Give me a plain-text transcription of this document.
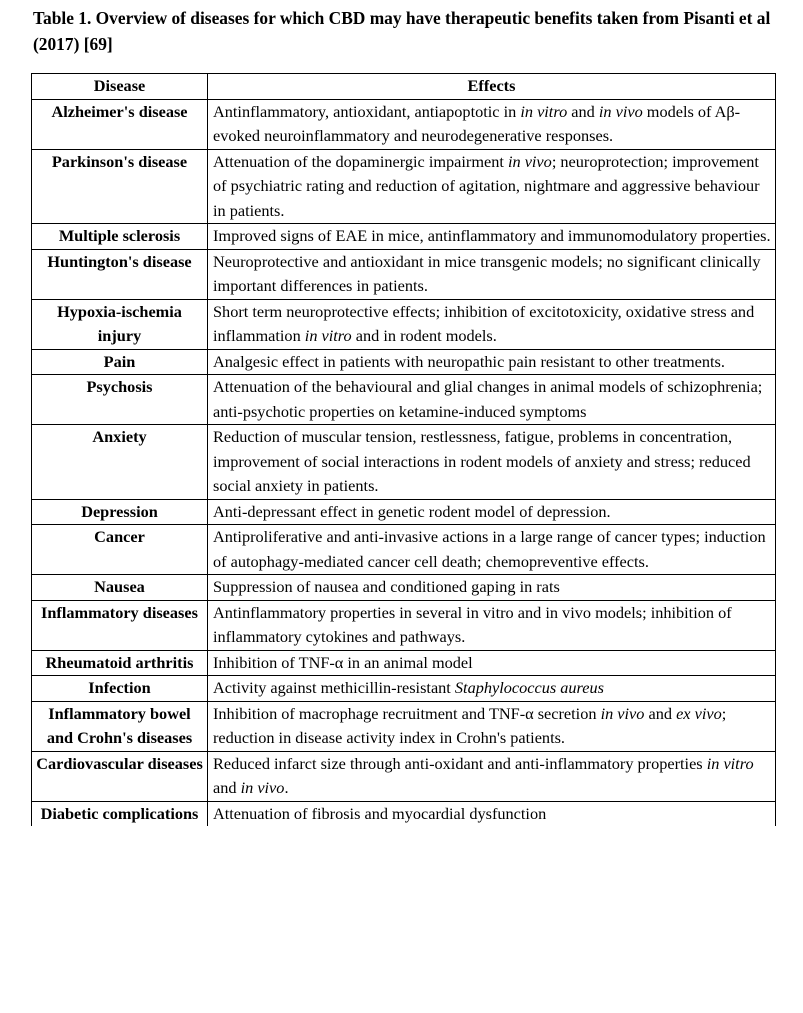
Table 1. Overview of diseases for which CBD may have therapeutic benefits taken from Pisanti et al (2017) [69]
Disease	Effects
Alzheimer's disease	Antinflammatory, antioxidant, antiapoptotic in in vitro and in vivo models of Aβ-evoked neuroinflammatory and neurodegenerative responses.
Parkinson's disease	Attenuation of the dopaminergic impairment in vivo; neuroprotection; improvement of psychiatric rating and reduction of agitation, nightmare and aggressive behaviour in patients.
Multiple sclerosis	Improved signs of EAE in mice, antinflammatory and immunomodulatory properties.
Huntington's disease	Neuroprotective and antioxidant in mice transgenic models; no significant clinically important differences in patients.
Hypoxia-ischemia injury	Short term neuroprotective effects; inhibition of excitotoxicity, oxidative stress and inflammation in vitro and in rodent models.
Pain	Analgesic effect in patients with neuropathic pain resistant to other treatments.
Psychosis	Attenuation of the behavioural and glial changes in animal models of schizophrenia; anti-psychotic properties on ketamine-induced symptoms
Anxiety	Reduction of muscular tension, restlessness, fatigue, problems in concentration, improvement of social interactions in rodent models of anxiety and stress; reduced social anxiety in patients.
Depression	Anti-depressant effect in genetic rodent model of depression.
Cancer	Antiproliferative and anti-invasive actions in a large range of cancer types; induction of autophagy-mediated cancer cell death; chemopreventive effects.
Nausea	Suppression of nausea and conditioned gaping in rats
Inflammatory diseases	Antinflammatory properties in several in vitro and in vivo models; inhibition of inflammatory cytokines and pathways.
Rheumatoid arthritis	Inhibition of TNF-α in an animal model
Infection	Activity against methicillin-resistant Staphylococcus aureus
Inflammatory bowel and Crohn's diseases	Inhibition of macrophage recruitment and TNF-α secretion in vivo and ex vivo; reduction in disease activity index in Crohn's patients.
Cardiovascular diseases	Reduced infarct size through anti-oxidant and anti-inflammatory properties in vitro and in vivo.
Diabetic complications	Attenuation of fibrosis and myocardial dysfunction
